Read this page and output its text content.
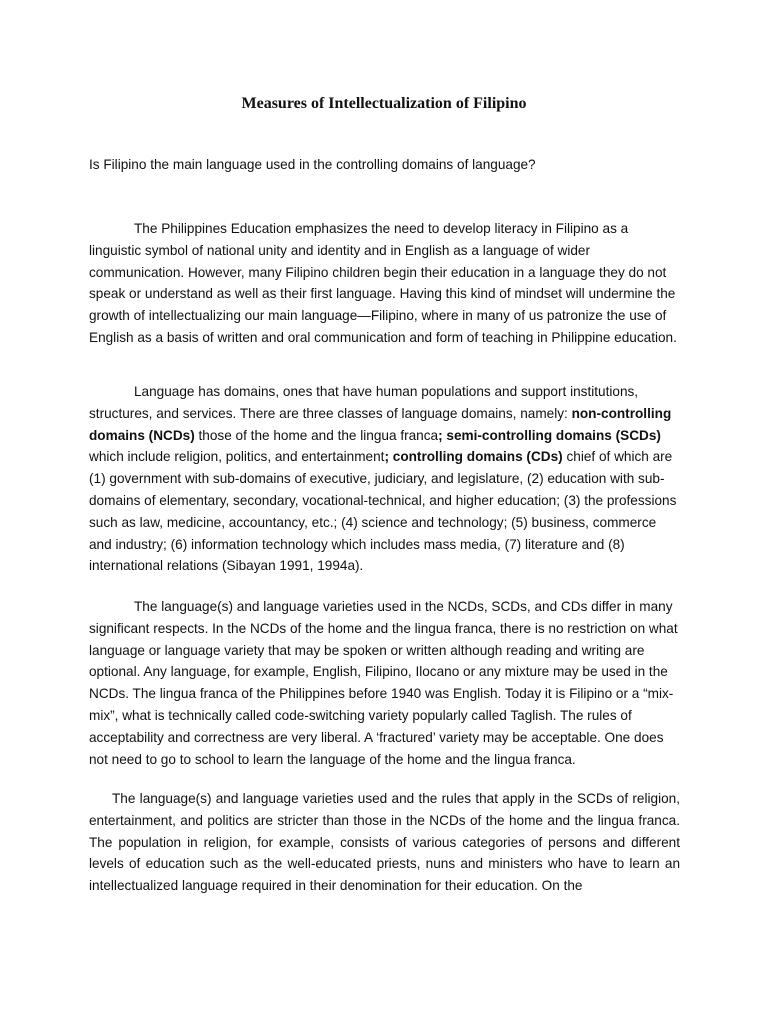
Measures of Intellectualization of Filipino
Is Filipino the main language used in the controlling domains of language?

The Philippines Education emphasizes the need to develop literacy in Filipino as a linguistic symbol of national unity and identity and in English as a language of wider communication. However, many Filipino children begin their education in a language they do not speak or understand as well as their first language. Having this kind of mindset will undermine the growth of intellectualizing our main language—Filipino, where in many of us patronize the use of English as a basis of written and oral communication and form of teaching in Philippine education.

Language has domains, ones that have human populations and support institutions, structures, and services. There are three classes of language domains, namely: non-controlling domains (NCDs) those of the home and the lingua franca; semi-controlling domains (SCDs) which include religion, politics, and entertainment; controlling domains (CDs) chief of which are (1) government with sub-domains of executive, judiciary, and legislature, (2) education with sub-domains of elementary, secondary, vocational-technical, and higher education; (3) the professions such as law, medicine, accountancy, etc.; (4) science and technology; (5) business, commerce and industry; (6) information technology which includes mass media, (7) literature and (8) international relations (Sibayan 1991, 1994a).

The language(s) and language varieties used in the NCDs, SCDs, and CDs differ in many significant respects. In the NCDs of the home and the lingua franca, there is no restriction on what language or language variety that may be spoken or written although reading and writing are optional. Any language, for example, English, Filipino, Ilocano or any mixture may be used in the NCDs. The lingua franca of the Philippines before 1940 was English. Today it is Filipino or a “mix-mix”, what is technically called code-switching variety popularly called Taglish. The rules of acceptability and correctness are very liberal. A ‘fractured’ variety may be acceptable. One does not need to go to school to learn the language of the home and the lingua franca.

The language(s) and language varieties used and the rules that apply in the SCDs of religion, entertainment, and politics are stricter than those in the NCDs of the home and the lingua franca. The population in religion, for example, consists of various categories of persons and different levels of education such as the well-educated priests, nuns and ministers who have to learn an intellectualized language required in their denomination for their education. On the
